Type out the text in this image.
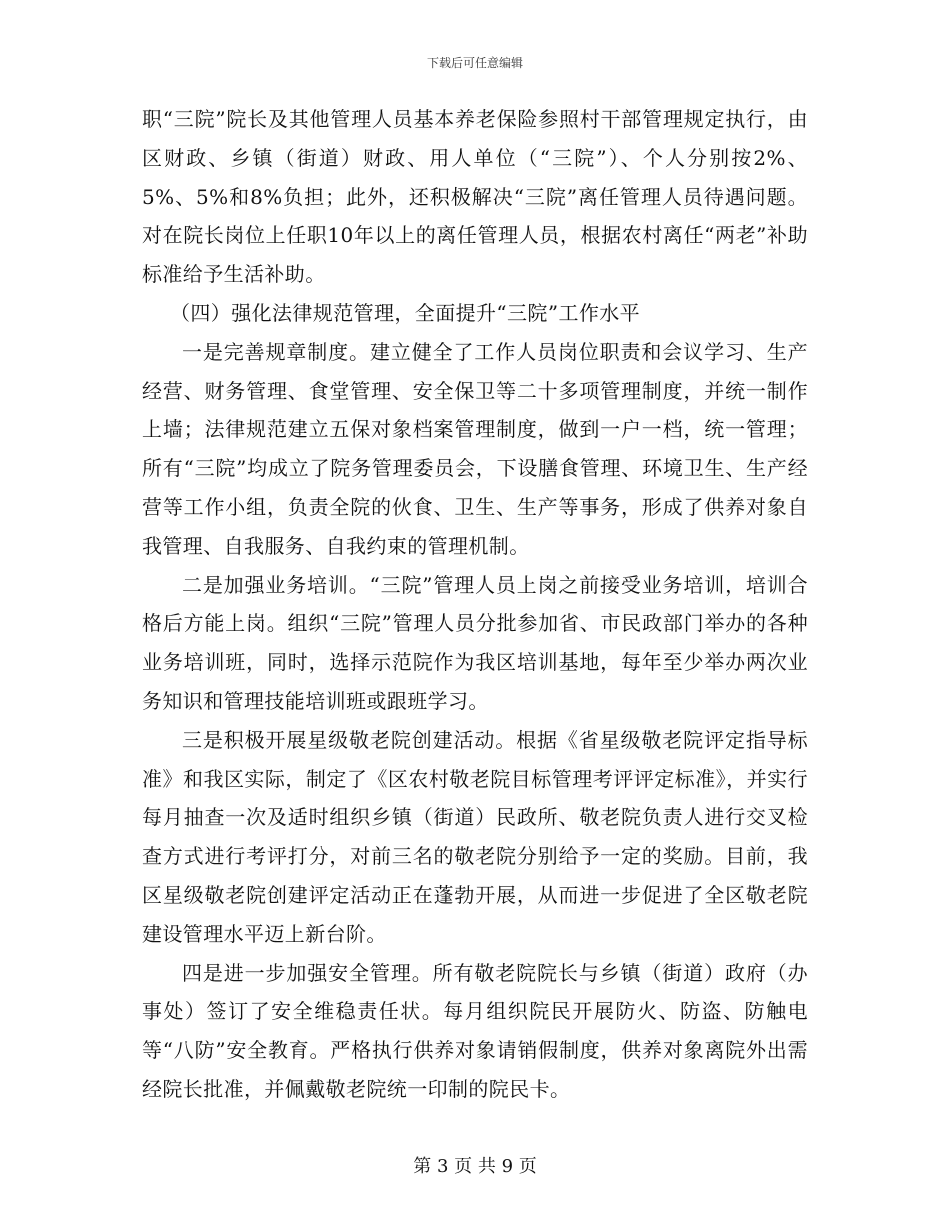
下载后可任意编辑

职“三院”院长及其他管理人员基本养老保险参照村干部管理规定执行，由区财政、乡镇（街道）财政、用人单位（“三院”）、个人分别按2%、5%、5%和8%负担；此外，还积极解决“三院”离任管理人员待遇问题。对在院长岗位上任职10年以上的离任管理人员，根据农村离任“两老”补助标准给予生活补助。

（四）强化法律规范管理，全面提升“三院”工作水平

一是完善规章制度。建立健全了工作人员岗位职责和会议学习、生产经营、财务管理、食堂管理、安全保卫等二十多项管理制度，并统一制作上墙；法律规范建立五保对象档案管理制度，做到一户一档，统一管理；所有“三院”均成立了院务管理委员会，下设膳食管理、环境卫生、生产经营等工作小组，负责全院的伙食、卫生、生产等事务，形成了供养对象自我管理、自我服务、自我约束的管理机制。

二是加强业务培训。“三院”管理人员上岗之前接受业务培训，培训合格后方能上岗。组织“三院”管理人员分批参加省、市民政部门举办的各种业务培训班，同时，选择示范院作为我区培训基地，每年至少举办两次业务知识和管理技能培训班或跟班学习。

三是积极开展星级敬老院创建活动。根据《省星级敬老院评定指导标准》和我区实际，制定了《区农村敬老院目标管理考评评定标准》，并实行每月抽查一次及适时组织乡镇（街道）民政所、敬老院负责人进行交叉检查方式进行考评打分，对前三名的敬老院分别给予一定的奖励。目前，我区星级敬老院创建评定活动正在蓬勃开展，从而进一步促进了全区敬老院建设管理水平迈上新台阶。

四是进一步加强安全管理。所有敬老院院长与乡镇（街道）政府（办事处）签订了安全维稳责任状。每月组织院民开展防火、防盗、防触电等“八防”安全教育。严格执行供养对象请销假制度，供养对象离院外出需经院长批准，并佩戴敬老院统一印制的院民卡。

第 3 页 共 9 页
